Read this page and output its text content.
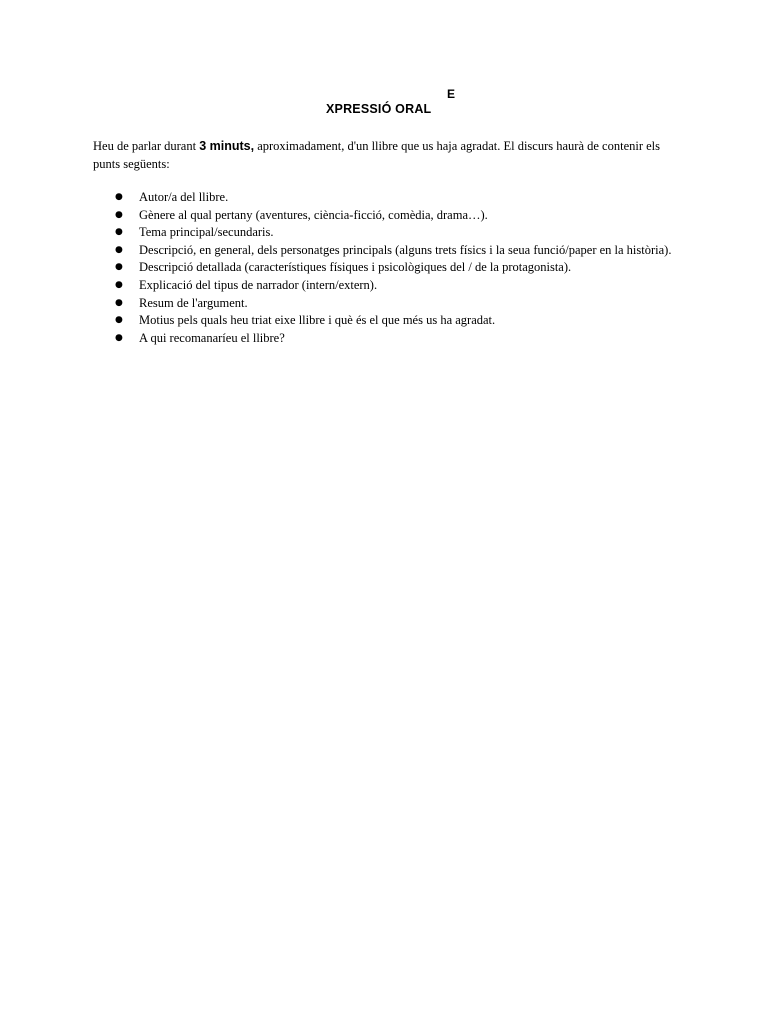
E
XPRESSIÓ ORAL

Heu de parlar durant 3 minuts, aproximadament, d'un llibre que us haja agradat. El discurs haurà de contenir els punts següents:

● Autor/a del llibre.
● Gènere al qual pertany (aventures, ciència-ficció, comèdia, drama…).
● Tema principal/secundaris.
● Descripció, en general, dels personatges principals (alguns trets físics i la seua funció/paper en la història).
● Descripció detallada (característiques físiques i psicològiques del / de la protagonista).
● Explicació del tipus de narrador (intern/extern).
● Resum de l'argument.
● Motius pels quals heu triat eixe llibre i què és el que més us ha agradat.
● A qui recomanaríeu el llibre?
